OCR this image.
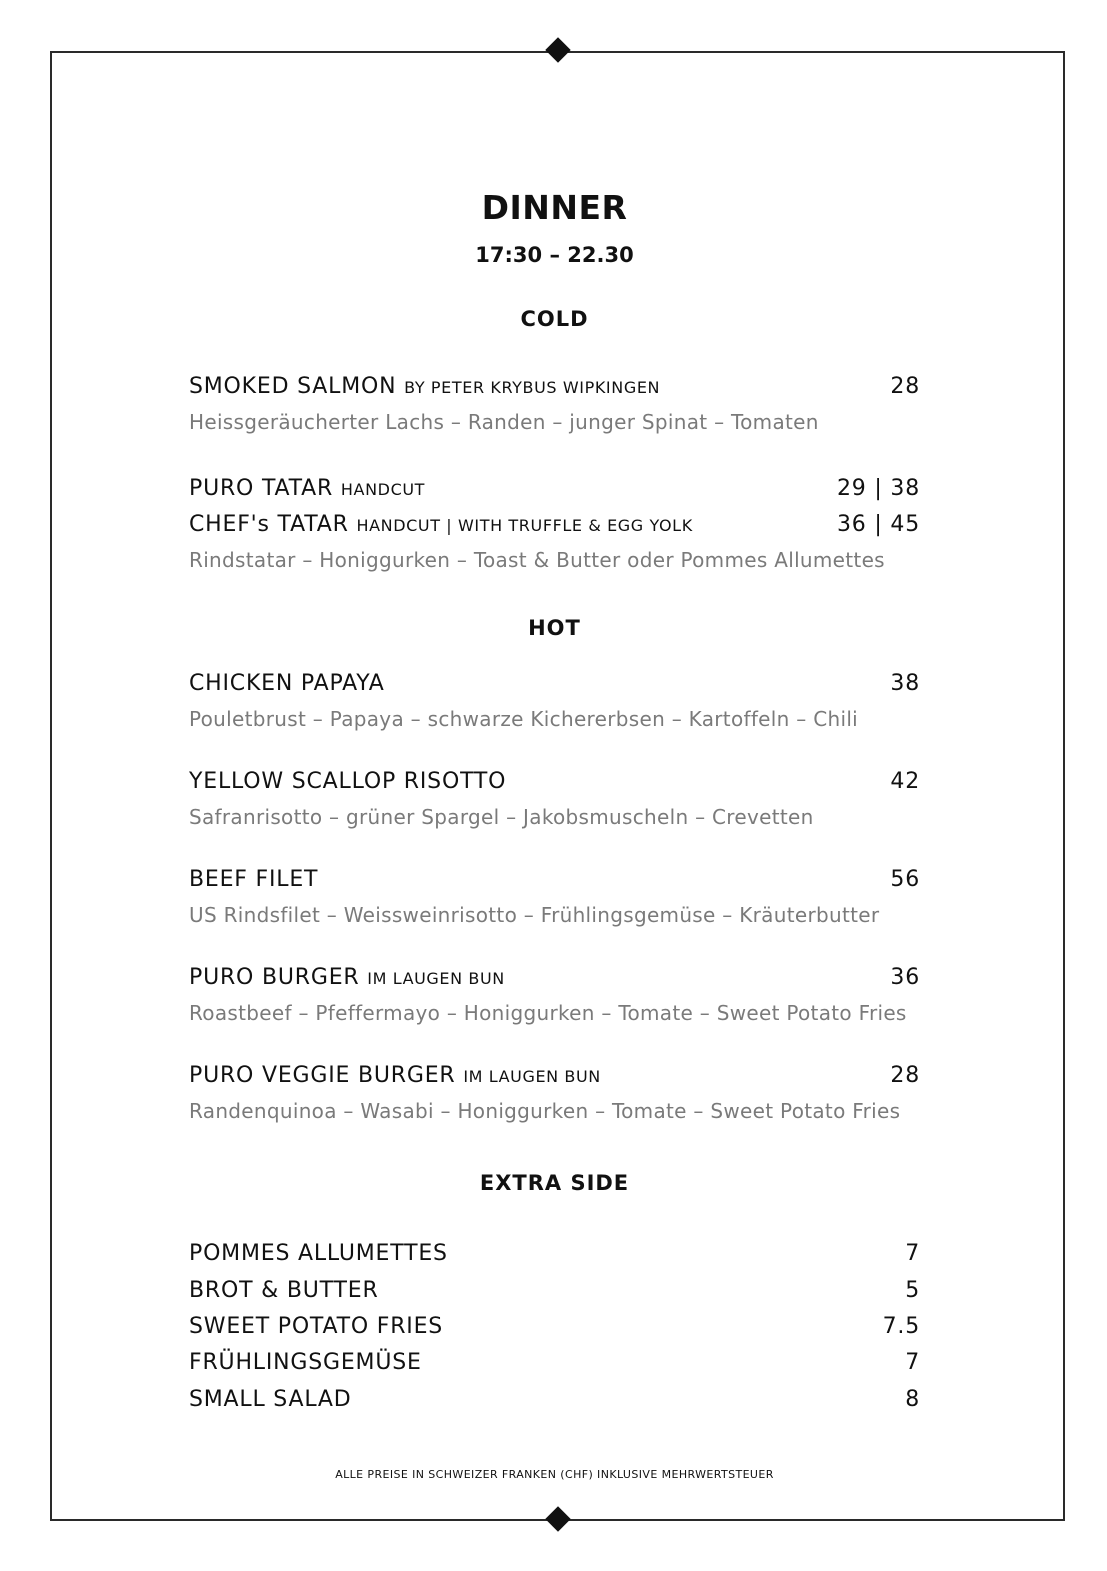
DINNER
17:30 – 22.30
COLD
SMOKED SALMON BY PETER KRYBUS WIPKINGEN	28
Heissgeräucherter Lachs – Randen – junger Spinat – Tomaten
PURO TATAR HANDCUT	29 | 38
CHEF's TATAR HANDCUT | WITH TRUFFLE & EGG YOLK	36 | 45
Rindstatar – Honiggurken – Toast & Butter oder Pommes Allumettes
HOT
CHICKEN PAPAYA	38
Pouletbrust – Papaya – schwarze Kichererbsen – Kartoffeln – Chili
YELLOW SCALLOP RISOTTO	42
Safranrisotto – grüner Spargel – Jakobsmuscheln – Crevetten
BEEF FILET	56
US Rindsfilet – Weissweinrisotto – Frühlingsgemüse – Kräuterbutter
PURO BURGER IM LAUGEN BUN	36
Roastbeef – Pfeffermayo – Honiggurken – Tomate – Sweet Potato Fries
PURO VEGGIE BURGER IM LAUGEN BUN	28
Randenquinoa – Wasabi – Honiggurken – Tomate – Sweet Potato Fries
EXTRA SIDE
POMMES ALLUMETTES	7
BROT & BUTTER	5
SWEET POTATO FRIES	7.5
FRÜHLINGSGEMÜSE	7
SMALL SALAD	8
ALLE PREISE IN SCHWEIZER FRANKEN (CHF) INKLUSIVE MEHRWERTSTEUER
